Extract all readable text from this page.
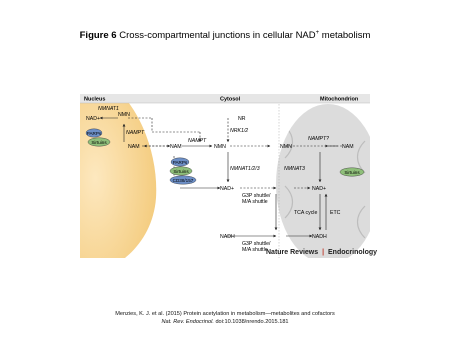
Figure 6 Cross-compartmental junctions in cellular NAD+ metabolism
Nucleus	Cytosol	Mitochondrion
NAD+
NMN
NAM
NMNAT1
NAMPT
PARPs
Sirtuins
NAM	NMN
NR
NAD+
NADH
NAMPT
NRK1/2
NMNAT1/2/3
PARPs
Sirtuins
CD38/157
G3P shuttle/
M/A shuttle
G3P shuttle/
M/A shuttle
NMN	NAM
NAD+
NADH
NAMPT?
NMNAT3
TCA cycle ETC
Sirtuins
Nature Reviews | Endocrinology
Menzies, K. J. et al. (2015) Protein acetylation in metabolism—metabolites and cofactors
Nat. Rev. Endocrinol. doi:10.1038/nrendo.2015.181
